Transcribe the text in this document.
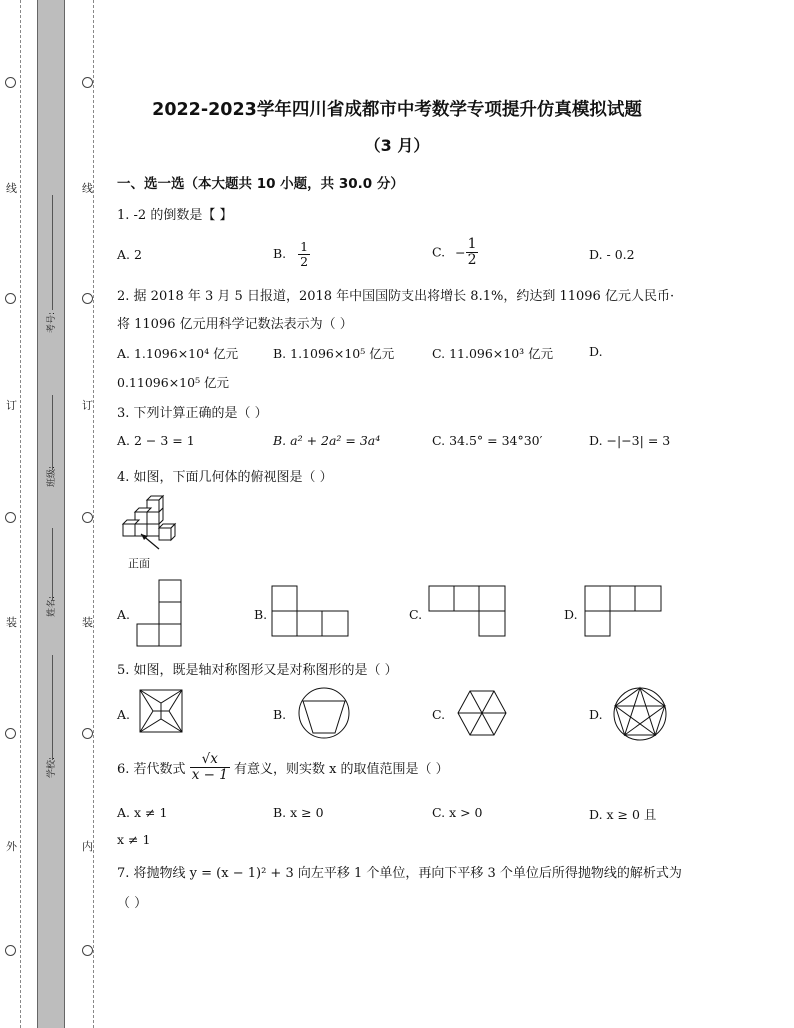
线
订
装
外
线
订
装
内
考号:
班级:
姓名:
学校:
2022-2023学年四川省成都市中考数学专项提升仿真模拟试题
（3 月）
一、选一选（本大题共 10 小题，共 30.0 分）
1. -2 的倒数是【 】
A. 2	B. $\frac{1}{2}$	C. − $\frac{1}{2}$	D. - 0.2
2. 据 2018 年 3 月 5 日报道，2018 年中国国防支出将增长 8.1%，约达到 11096 亿元人民币·
将 11096 亿元用科学记数法表示为（ ）
A. 1.1096×10⁴ 亿元	B. 1.1096×10⁵ 亿元	C. 11.096×10³ 亿元	D.
0.11096×10⁵ 亿元
3. 下列计算正确的是（ ）
A. 2 − 3 = 1	B. a² + 2a² = 3a⁴	C. 34.5° = 34°30′	D. −|−3| = 3
4. 如图，下面几何体的俯视图是（ ）
正面
A.	B.	C.	D.
5. 如图，既是轴对称图形又是对称图形的是（ ）
A.	B.	C.	D.
6. 若代数式 $\frac{√x}{x - 1}$ 有意义，则实数 x 的取值范围是（ ）
A. x ≠ 1	B. x ≥ 0	C. x > 0	D. x ≥ 0 且
x ≠ 1
7. 将抛物线 y = (x − 1)² + 3 向左平移 1 个单位，再向下平移 3 个单位后所得抛物线的解析式为
（ ）
